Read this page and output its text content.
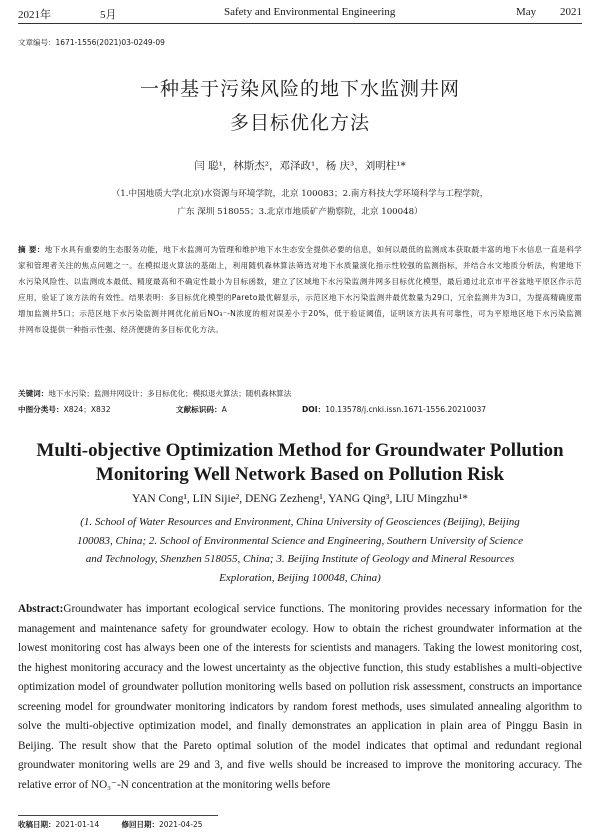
2021年	5月	Safety and Environmental Engineering	May 2021
文章编号：1671-1556(2021)03-0249-09
一种基于污染风险的地下水监测井网
多目标优化方法
闫 聪¹，林斯杰²，邓泽政¹，杨 庆³，刘明柱¹*
（1.中国地质大学(北京)水资源与环境学院，北京 100083；2.南方科技大学环境科学与工程学院，
广东 深圳 518055；3.北京市地质矿产勘察院，北京 100048）
摘 要：地下水具有重要的生态服务功能，地下水监测可为管理和维护地下水生态安全提供必要的信息，如何以最低的监测成本获取最丰富的地下水信息一直是科学家和管理者关注的焦点问题之一。在模拟退火算法的基础上，利用随机森林算法筛选对地下水质量演化指示性较强的监测指标，并结合水文地质分析法，构建地下水污染风险性、以监测成本最低、精度最高和不确定性最小为目标函数，建立了区域地下水污染监测井网多目标优化模型，最后通过北京市平谷盆地平原区作示范应用，验证了该方法的有效性。结果表明：多目标优化模型的Pareto最优解显示，示范区地下水污染监测井最优数量为29口，冗余监测井为3口，为提高精确度需增加监测井5口；示范区地下水污染监测井网优化前后NO₃⁻-N浓度的相对误差小于20%，低于验证阈值，证明该方法具有可靠性，可为平原地区地下水污染监测井网布设提供一种指示性强、经济便捷的多目标优化方法。
关键词：地下水污染；监测井网设计；多目标优化；模拟退火算法；随机森林算法
中图分类号：X824；X832	文献标识码：A	DOI：10.13578/j.cnki.issn.1671-1556.20210037
Multi-objective Optimization Method for Groundwater Pollution
Monitoring Well Network Based on Pollution Risk
YAN Cong¹, LIN Sijie², DENG Zezheng¹, YANG Qing³, LIU Mingzhu¹*
(1. School of Water Resources and Environment, China University of Geosciences (Beijing), Beijing
100083, China; 2. School of Environmental Science and Engineering, Southern University of Science
and Technology, Shenzhen 518055, China; 3. Beijing Institute of Geology and Mineral Resources
Exploration, Beijing 100048, China)
Abstract:Groundwater has important ecological service functions. The monitoring provides necessary information for the management and maintenance safety for groundwater ecology. How to obtain the richest groundwater information at the lowest monitoring cost has always been one of the interests for scientists and managers. Taking the lowest monitoring cost, the highest monitoring accuracy and the lowest uncertainty as the objective function, this study establishes a multi-objective optimization model of groundwater pollution monitoring wells based on pollution risk assessment, constructs an importance screening model for groundwater monitoring indicators by random forest methods, uses simulated annealing algorithm to solve the multi-objective optimization model, and finally demonstrates an application in plain area of Pinggu Basin in Beijing. The result show that the Pareto optimal solution of the model indicates that optimal and redundant regional groundwater monitoring wells are 29 and 3, and five wells should be increased to improve the monitoring accuracy. The relative error of NO₃⁻-N concentration at the monitoring wells before
收稿日期：2021-01-14	修回日期：2021-04-25
